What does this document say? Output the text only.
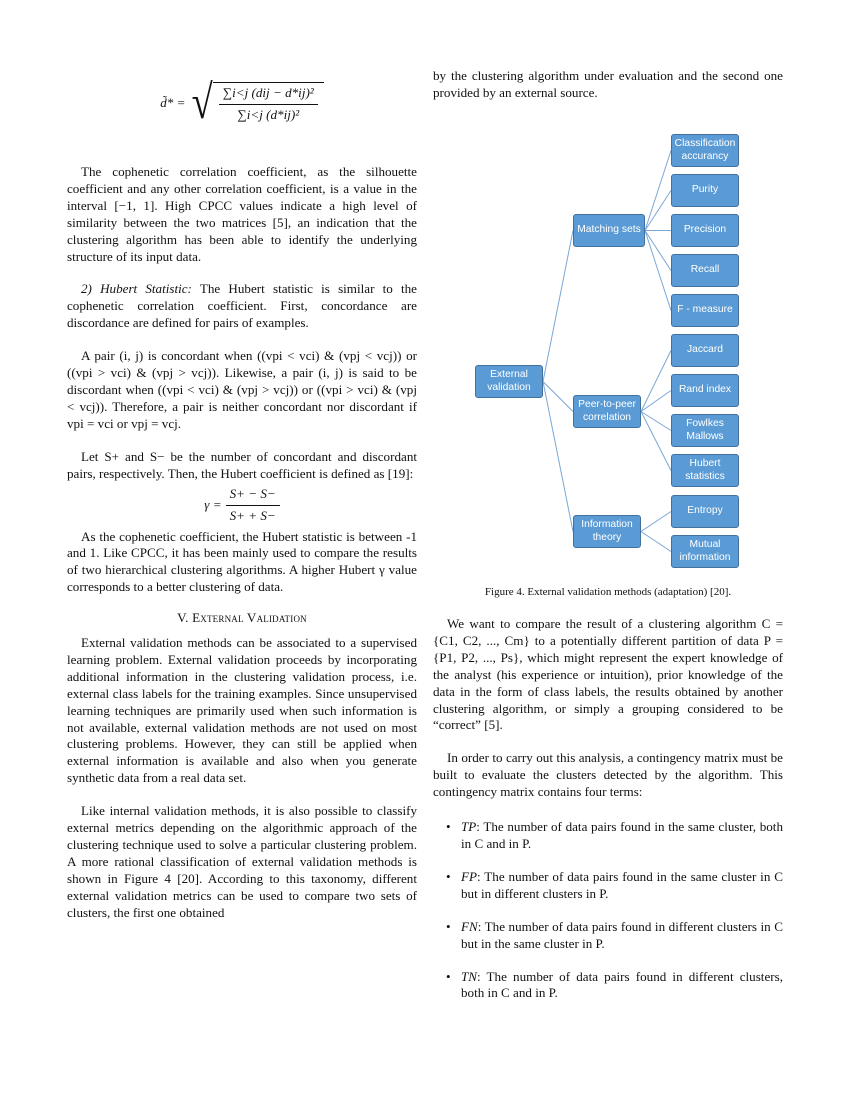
d̃* = √ $\frac{\text{∑i<j (dij − d*ij)²}}{\text{∑i<j (d*ij)²}}$

The cophenetic correlation coefficient, as the silhouette coefficient and any other correlation coefficient, is a value in the interval [−1, 1]. High CPCC values indicate a high level of similarity between the two matrices [5], an indication that the clustering algorithm has been able to identify the underlying structure of its input data.

2) Hubert Statistic: The Hubert statistic is similar to the cophenetic correlation coefficient. First, concordance are discordance are defined for pairs of examples.

A pair (i, j) is concordant when ((vpi < vci) & (vpj < vcj)) or ((vpi > vci) & (vpj > vcj)). Likewise, a pair (i, j) is said to be discordant when ((vpi < vci) & (vpj > vcj)) or ((vpi > vci) & (vpj < vcj)). Therefore, a pair is neither concordant nor discordant if vpi = vci or vpj = vcj.

Let S+ and S− be the number of concordant and discordant pairs, respectively. Then, the Hubert coefficient is defined as [19]:

$\gamma = \frac{S+ - S-}{S+ + S-}$

As the cophenetic coefficient, the Hubert statistic is between -1 and 1. Like CPCC, it has been mainly used to compare the results of two hierarchical clustering algorithms. A higher Hubert γ value corresponds to a better clustering of data.

V. External Validation

External validation methods can be associated to a supervised learning problem. External validation proceeds by incorporating additional information in the clustering validation process, i.e. external class labels for the training examples. Since unsupervised learning techniques are primarily used when such information is not available, external validation methods are not used on most clustering problems. However, they can still be applied when external information is available and also when you generate synthetic data from a real data set.

Like internal validation methods, it is also possible to classify external metrics depending on the algorithmic approach of the clustering technique used to solve a particular clustering problem. A more rational classification of external validation methods is shown in Figure 4 [20]. According to this taxonomy, different external validation metrics can be used to compare two sets of clusters, the first one obtained

by the clustering algorithm under evaluation and the second one provided by an external source.

External validation
Matching sets
Peer-to-peer correlation
Information theory
Classification accurancy
Purity
Precision
Recall
F - measure
Jaccard
Rand index
Fowlkes Mallows
Hubert statistics
Entropy
Mutual information

Figure 4. External validation methods (adaptation) [20].

We want to compare the result of a clustering algorithm C = {C1, C2, ..., Cm} to a potentially different partition of data P = {P1, P2, ..., Ps}, which might represent the expert knowledge of the analyst (his experience or intuition), prior knowledge of the data in the form of class labels, the results obtained by another clustering algorithm, or simply a grouping considered to be “correct” [5].

In order to carry out this analysis, a contingency matrix must be built to evaluate the clusters detected by the algorithm. This contingency matrix contains four terms:

• TP: The number of data pairs found in the same cluster, both in C and in P.
• FP: The number of data pairs found in the same cluster in C but in different clusters in P.
• FN: The number of data pairs found in different clusters in C but in the same cluster in P.
• TN: The number of data pairs found in different clusters, both in C and in P.
